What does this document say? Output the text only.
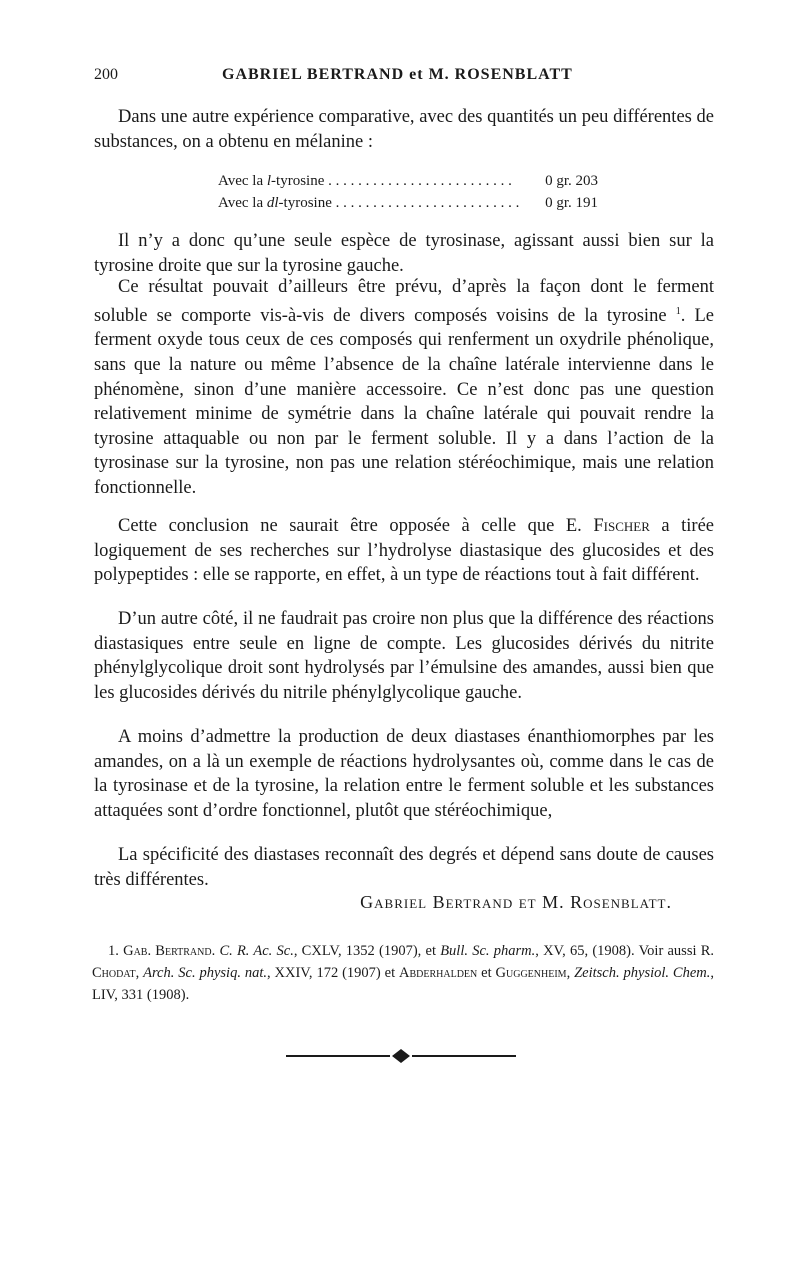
200	GABRIEL BERTRAND et M. ROSENBLATT

Dans une autre expérience comparative, avec des quantités un peu différentes de substances, on a obtenu en mélanine :

Avec la l-tyrosine . . .	0 gr. 203
Avec la dl-tyrosine . . .	0 gr. 191

Il n’y a donc qu’une seule espèce de tyrosinase, agissant aussi bien sur la tyrosine droite que sur la tyrosine gauche.

Ce résultat pouvait d’ailleurs être prévu, d’après la façon dont le ferment soluble se comporte vis-à-vis de divers composés voisins de la tyrosine $^1$. Le ferment oxyde tous ceux de ces composés qui renferment un oxydrile phénolique, sans que la nature ou même l’absence de la chaîne latérale intervienne dans le phénomène, sinon d’une manière accessoire. Ce n’est donc pas une question relativement minime de symétrie dans la chaîne latérale qui pouvait rendre la tyrosine attaquable ou non par le ferment soluble. Il y a dans l’action de la tyrosinase sur la tyrosine, non pas une relation stéréochimique, mais une relation fonctionnelle.

Cette conclusion ne saurait être opposée à celle que E. Fischer a tirée logiquement de ses recherches sur l’hydrolyse diastasique des glucosides et des polypeptides : elle se rapporte, en effet, à un type de réactions tout à fait différent.

D’un autre côté, il ne faudrait pas croire non plus que la différence des réactions diastasiques entre seule en ligne de compte. Les glucosides dérivés du nitrite phénylglycolique droit sont hydrolysés par l’émulsine des amandes, aussi bien que les glucosides dérivés du nitrile phénylglycolique gauche.

A moins d’admettre la production de deux diastases énanthiomorphes par les amandes, on a là un exemple de réactions hydrolysantes où, comme dans le cas de la tyrosinase et de la tyrosine, la relation entre le ferment soluble et les substances attaquées sont d’ordre fonctionnel, plutôt que stéréochimique,

La spécificité des diastases reconnaît des degrés et dépend sans doute de causes très différentes.

Gabriel Bertrand et M. Rosenblatt.

1. Gab. Bertrand. C. R. Ac. Sc., CXLV, 1352 (1907), et Bull. Sc. pharm., XV, 65, (1908). Voir aussi R. Chodat, Arch. Sc. physiq. nat., XXIV, 172 (1907) et Abderhalden et Guggenheim, Zeitsch. physiol. Chem., LIV, 331 (1908).
